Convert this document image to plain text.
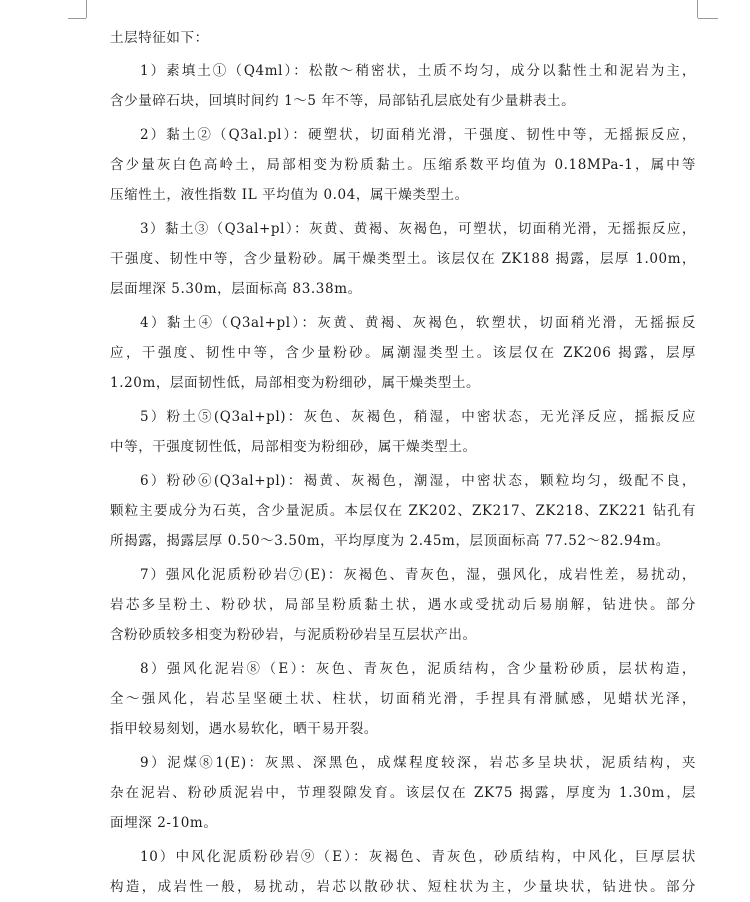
土层特征如下：
1）素填土①（Q4ml）：松散～稍密状，土质不均匀，成分以黏性土和泥岩为主，
含少量碎石块，回填时间约 1～5 年不等，局部钻孔层底处有少量耕表土。
2）黏土②（Q3al.pl）：硬塑状，切面稍光滑，干强度、韧性中等，无摇振反应，
含少量灰白色高岭土，局部相变为粉质黏土。压缩系数平均值为 0.18MPa-1，属中等
压缩性土，液性指数 IL 平均值为 0.04，属干燥类型土。
3）黏土③（Q3al+pl）：灰黄、黄褐、灰褐色，可塑状，切面稍光滑，无摇振反应，
干强度、韧性中等，含少量粉砂。属干燥类型土。该层仅在 ZK188 揭露，层厚 1.00m，
层面埋深 5.30m，层面标高 83.38m。
4）黏土④（Q3al+pl）：灰黄、黄褐、灰褐色，软塑状，切面稍光滑，无摇振反
应，干强度、韧性中等，含少量粉砂。属潮湿类型土。该层仅在 ZK206 揭露，层厚
1.20m，层面韧性低，局部相变为粉细砂，属干燥类型土。
5）粉土⑤(Q3al+pl)：灰色、灰褐色，稍湿，中密状态，无光泽反应，摇振反应
中等，干强度韧性低，局部相变为粉细砂，属干燥类型土。
6）粉砂⑥(Q3al+pl)：褐黄、灰褐色，潮湿，中密状态，颗粒均匀，级配不良，
颗粒主要成分为石英，含少量泥质。本层仅在 ZK202、ZK217、ZK218、ZK221 钻孔有
所揭露，揭露层厚 0.50～3.50m，平均厚度为 2.45m，层顶面标高 77.52～82.94m。
7）强风化泥质粉砂岩⑦(E)：灰褐色、青灰色，湿，强风化，成岩性差，易扰动，
岩芯多呈粉土、粉砂状，局部呈粉质黏土状，遇水或受扰动后易崩解，钻进快。部分
含粉砂质较多相变为粉砂岩，与泥质粉砂岩呈互层状产出。
8）强风化泥岩⑧（E）：灰色、青灰色，泥质结构，含少量粉砂质，层状构造，
全～强风化，岩芯呈坚硬土状、柱状，切面稍光滑，手捏具有滑腻感，见蜡状光泽，
指甲较易刻划，遇水易软化，晒干易开裂。
9）泥煤⑧1(E)：灰黑、深黑色，成煤程度较深，岩芯多呈块状，泥质结构，夹
杂在泥岩、粉砂质泥岩中，节理裂隙发育。该层仅在 ZK75 揭露，厚度为 1.30m，层
面埋深 2-10m。
10）中风化泥质粉砂岩⑨（E）：灰褐色、青灰色，砂质结构，中风化，巨厚层状
构造，成岩性一般，易扰动，岩芯以散砂状、短柱状为主，少量块状，钻进快。部分
